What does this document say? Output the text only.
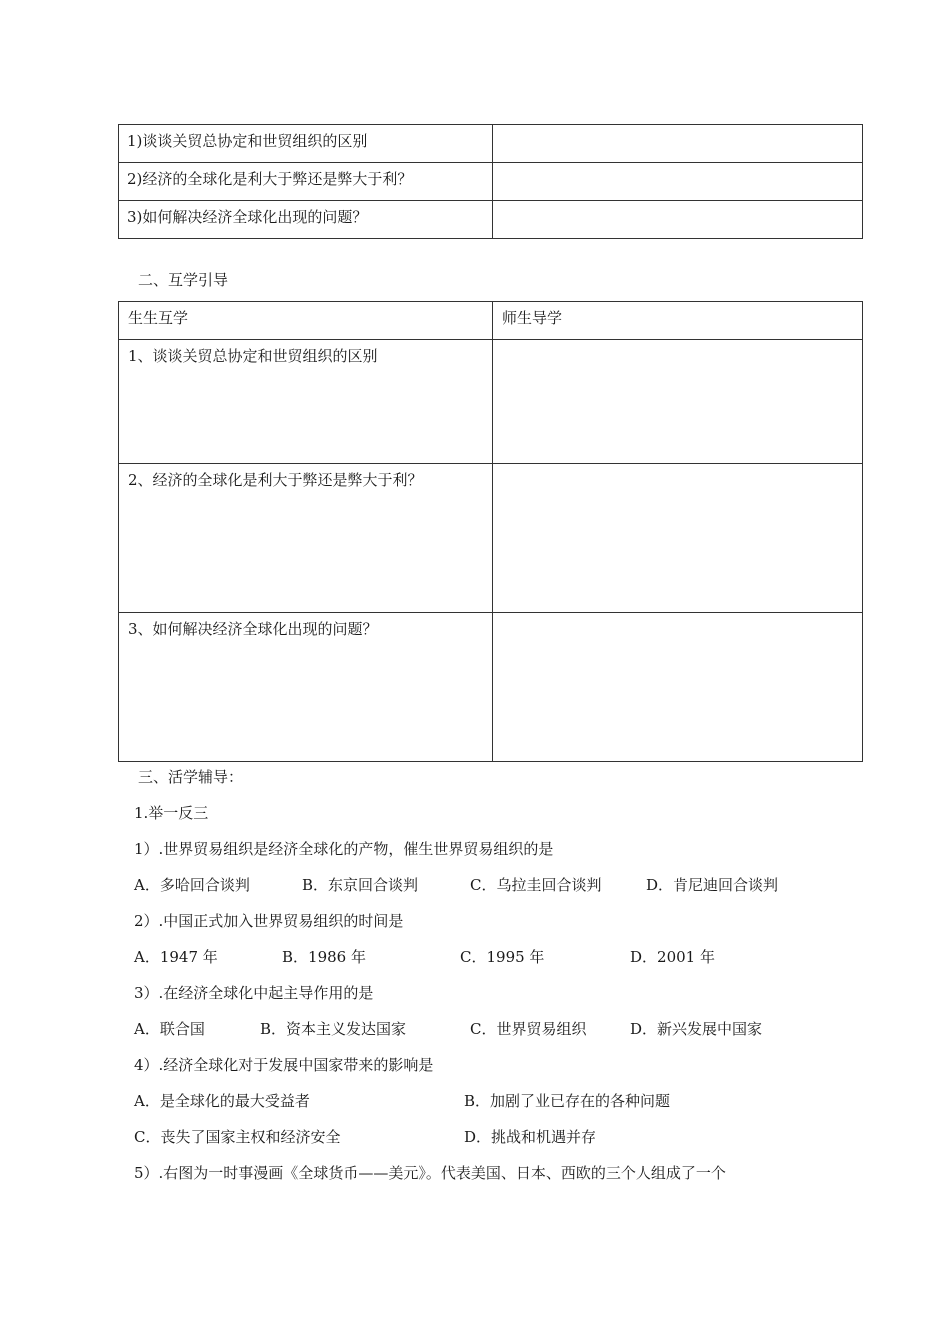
1)谈谈关贸总协定和世贸组织的区别	
2)经济的全球化是利大于弊还是弊大于利？	
3)如何解决经济全球化出现的问题？	
二、互学引导
生生互学	师生导学
1、谈谈关贸总协定和世贸组织的区别	
2、经济的全球化是利大于弊还是弊大于利？	
3、如何解决经济全球化出现的问题？	
三、活学辅导：
1.举一反三
1）.世界贸易组织是经济全球化的产物，催生世界贸易组织的是
A．多哈回合谈判	B．东京回合谈判	C．乌拉圭回合谈判	D．肯尼迪回合谈判
2）.中国正式加入世界贸易组织的时间是
A．1947 年	B．1986 年	C．1995 年	D．2001 年
3）.在经济全球化中起主导作用的是
A．联合国	B．资本主义发达国家	C．世界贸易组织	D．新兴发展中国家
4）.经济全球化对于发展中国家带来的影响是
A．是全球化的最大受益者	B．加剧了业已存在的各种问题
C．丧失了国家主权和经济安全	D．挑战和机遇并存
5）.右图为一时事漫画《全球货币——美元》。代表美国、日本、西欧的三个人组成了一个
